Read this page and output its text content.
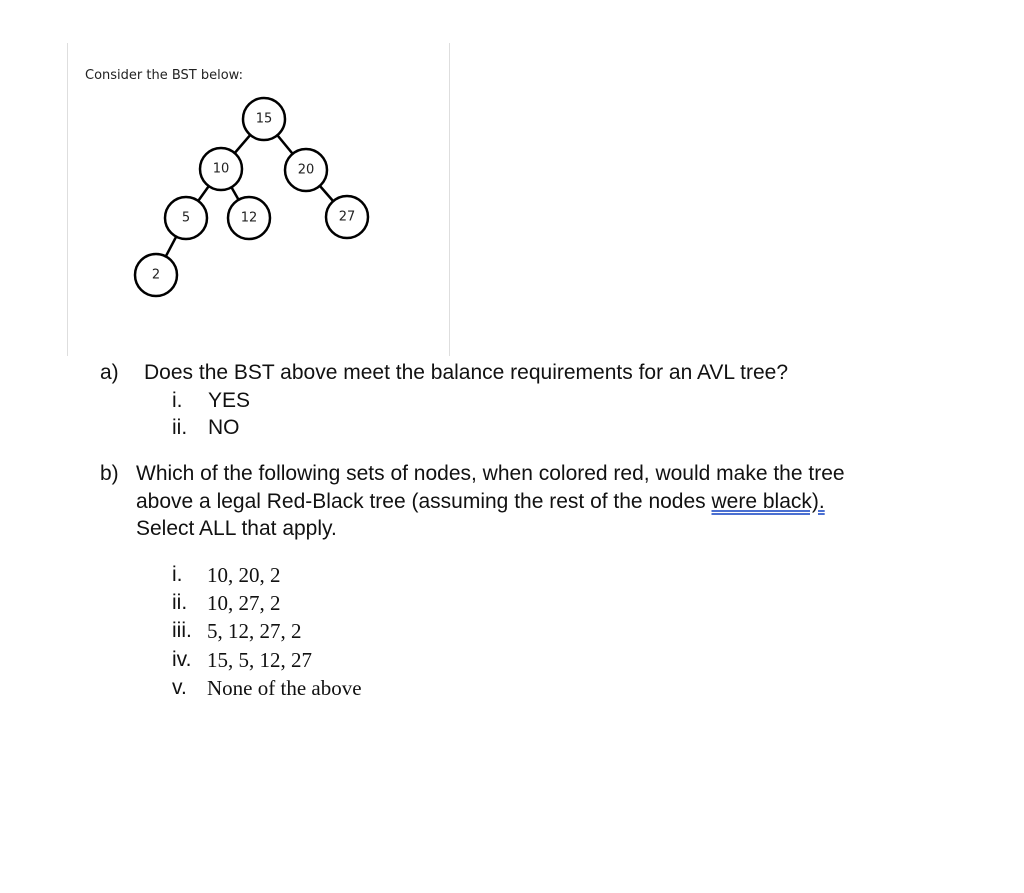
Consider the BST below:
15
10	20
5	12	27
2
a) Does the BST above meet the balance requirements for an AVL tree?
i. YES
ii. NO
b) Which of the following sets of nodes, when colored red, would make the tree
above a legal Red-Black tree (assuming the rest of the nodes were black).
Select ALL that apply.
i. 10, 20, 2
ii. 10, 27, 2
iii. 5, 12, 27, 2
iv. 15, 5, 12, 27
v. None of the above
